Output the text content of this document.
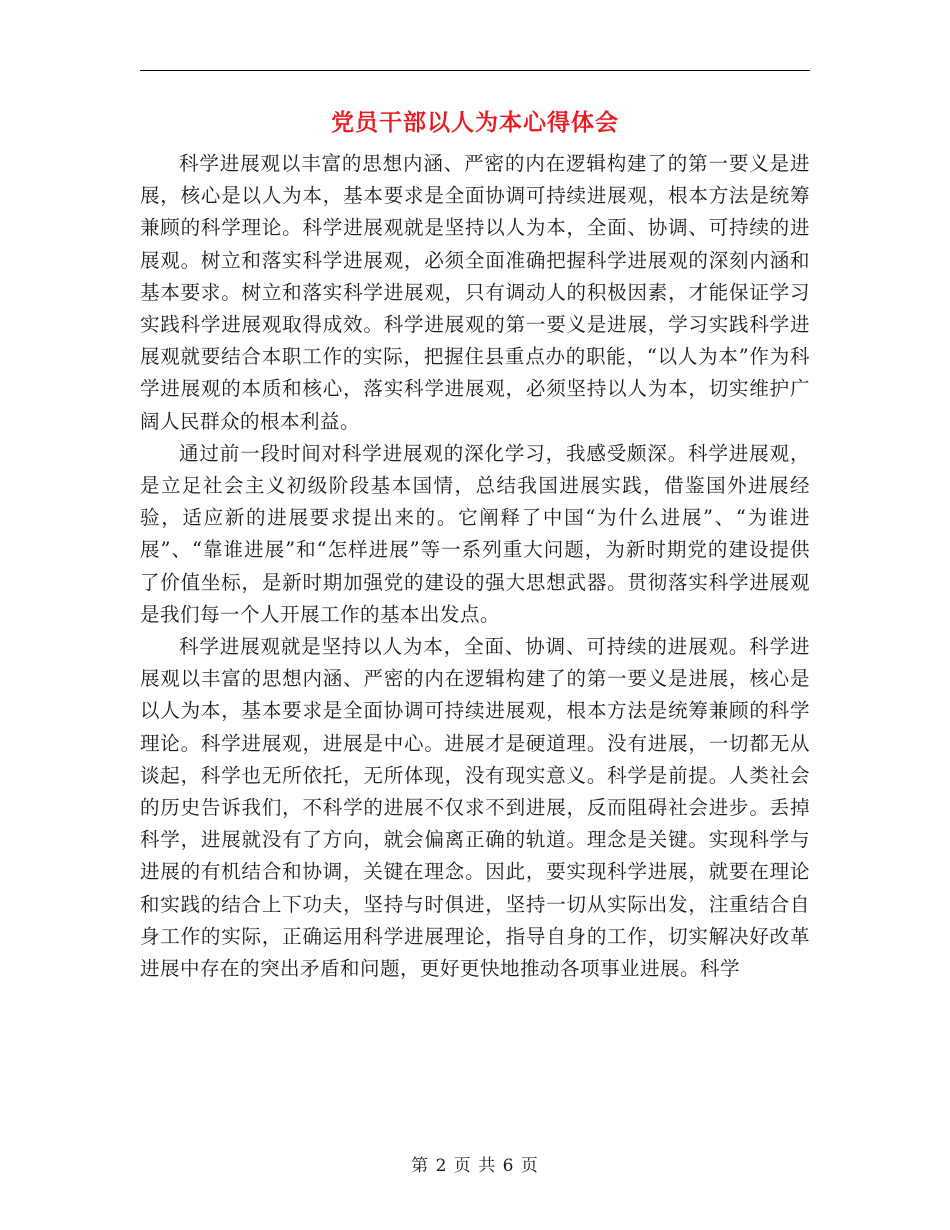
党员干部以人为本心得体会

科学进展观以丰富的思想内涵、严密的内在逻辑构建了的第一要义是进展，核心是以人为本，基本要求是全面协调可持续进展观，根本方法是统筹兼顾的科学理论。科学进展观就是坚持以人为本，全面、协调、可持续的进展观。树立和落实科学进展观，必须全面准确把握科学进展观的深刻内涵和基本要求。树立和落实科学进展观，只有调动人的积极因素，才能保证学习实践科学进展观取得成效。科学进展观的第一要义是进展，学习实践科学进展观就要结合本职工作的实际，把握住县重点办的职能，“以人为本”作为科学进展观的本质和核心，落实科学进展观，必须坚持以人为本，切实维护广阔人民群众的根本利益。

通过前一段时间对科学进展观的深化学习，我感受颇深。科学进展观，是立足社会主义初级阶段基本国情，总结我国进展实践，借鉴国外进展经验，适应新的进展要求提出来的。它阐释了中国“为什么进展”、“为谁进展”、“靠谁进展”和“怎样进展”等一系列重大问题，为新时期党的建设提供了价值坐标，是新时期加强党的建设的强大思想武器。贯彻落实科学进展观是我们每一个人开展工作的基本出发点。

科学进展观就是坚持以人为本，全面、协调、可持续的进展观。科学进展观以丰富的思想内涵、严密的内在逻辑构建了的第一要义是进展，核心是以人为本，基本要求是全面协调可持续进展观，根本方法是统筹兼顾的科学理论。科学进展观，进展是中心。进展才是硬道理。没有进展，一切都无从谈起，科学也无所依托，无所体现，没有现实意义。科学是前提。人类社会的历史告诉我们，不科学的进展不仅求不到进展，反而阻碍社会进步。丢掉科学，进展就没有了方向，就会偏离正确的轨道。理念是关键。实现科学与进展的有机结合和协调，关键在理念。因此，要实现科学进展，就要在理论和实践的结合上下功夫，坚持与时俱进，坚持一切从实际出发，注重结合自身工作的实际，正确运用科学进展理论，指导自身的工作，切实解决好改革进展中存在的突出矛盾和问题，更好更快地推动各项事业进展。科学

第 2 页 共 6 页
